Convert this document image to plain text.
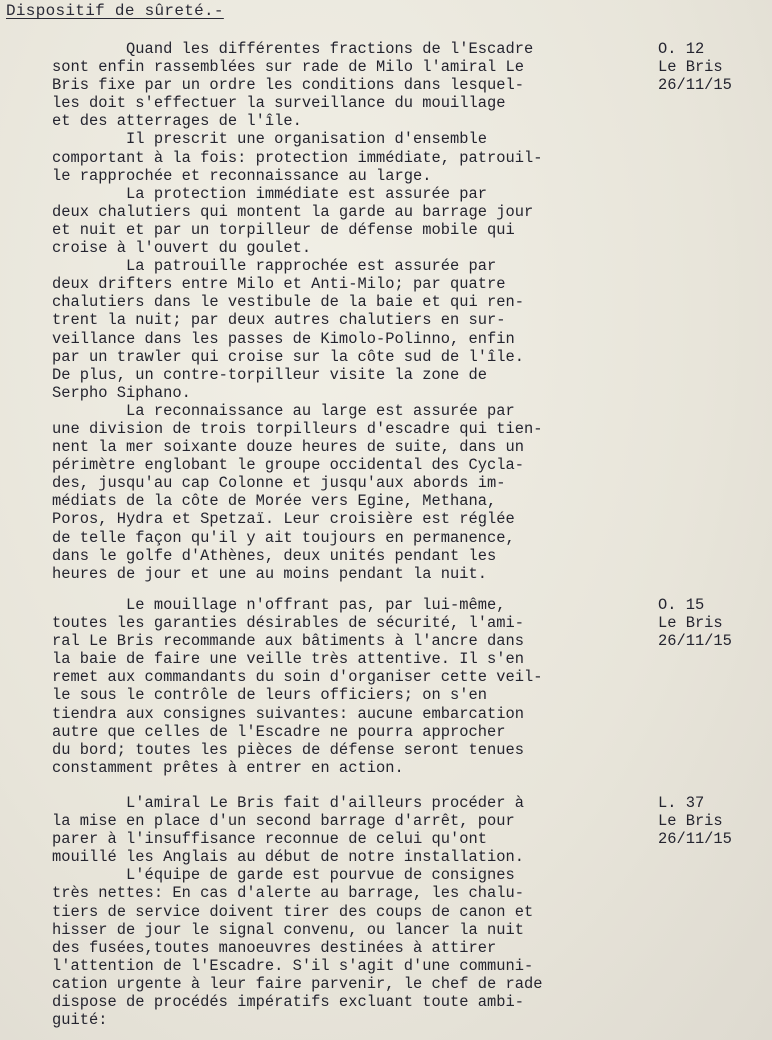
Dispositif de sûreté.-
Quand les différentes fractions de l'Escadre
sont enfin rassemblées sur rade de Milo l'amiral Le
Bris fixe par un ordre les conditions dans lesquel-
les doit s'effectuer la surveillance du mouillage
et des atterrages de l'île.
Il prescrit une organisation d'ensemble
comportant à la fois: protection immédiate, patrouil-
le rapprochée et reconnaissance au large.
La protection immédiate est assurée par
deux chalutiers qui montent la garde au barrage jour
et nuit et par un torpilleur de défense mobile qui
croise à l'ouvert du goulet.
La patrouille rapprochée est assurée par
deux drifters entre Milo et Anti-Milo; par quatre
chalutiers dans le vestibule de la baie et qui ren-
trent la nuit; par deux autres chalutiers en sur-
veillance dans les passes de Kimolo-Polinno, enfin
par un trawler qui croise sur la côte sud de l'île.
De plus, un contre-torpilleur visite la zone de
Serpho Siphano.
La reconnaissance au large est assurée par
une division de trois torpilleurs d'escadre qui tien-
nent la mer soixante douze heures de suite, dans un
périmètre englobant le groupe occidental des Cycla-
des, jusqu'au cap Colonne et jusqu'aux abords im-
médiats de la côte de Morée vers Egine, Methana,
Poros, Hydra et Spetzaï. Leur croisière est réglée
de telle façon qu'il y ait toujours en permanence,
dans le golfe d'Athènes, deux unités pendant les
heures de jour et une au moins pendant la nuit.
Le mouillage n'offrant pas, par lui-même,
toutes les garanties désirables de sécurité, l'ami-
ral Le Bris recommande aux bâtiments à l'ancre dans
la baie de faire une veille très attentive. Il s'en
remet aux commandants du soin d'organiser cette veil-
le sous le contrôle de leurs officiers; on s'en
tiendra aux consignes suivantes: aucune embarcation
autre que celles de l'Escadre ne pourra approcher
du bord; toutes les pièces de défense seront tenues
constamment prêtes à entrer en action.
L'amiral Le Bris fait d'ailleurs procéder à
la mise en place d'un second barrage d'arrêt, pour
parer à l'insuffisance reconnue de celui qu'ont
mouillé les Anglais au début de notre installation.
L'équipe de garde est pourvue de consignes
très nettes: En cas d'alerte au barrage, les chalu-
tiers de service doivent tirer des coups de canon et
hisser de jour le signal convenu, ou lancer la nuit
des fusées,toutes manoeuvres destinées à attirer
l'attention de l'Escadre. S'il s'agit d'une communi-
cation urgente à leur faire parvenir, le chef de rade
dispose de procédés impératifs excluant toute ambi-
guité:
O. 12
Le Bris
26/11/15
O. 15
Le Bris
26/11/15
L. 37
Le Bris
26/11/15
